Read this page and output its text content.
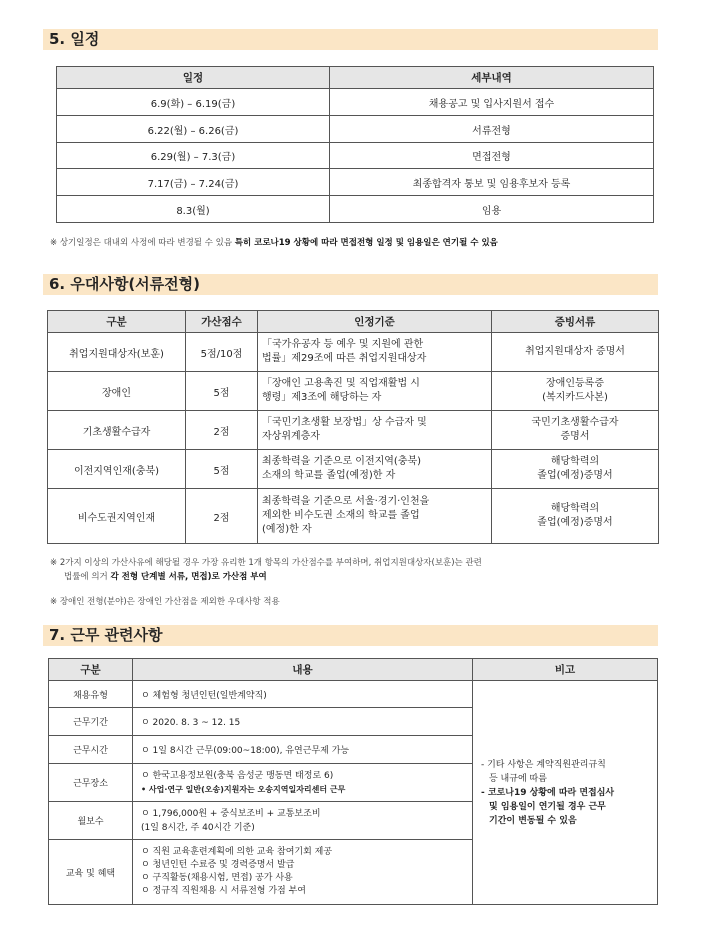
5. 일정
일정	세부내역
6.9(화) – 6.19(금)	채용공고 및 입사지원서 접수
6.22(월) – 6.26(금)	서류전형
6.29(월) – 7.3(금)	면접전형
7.17(금) – 7.24(금)	최종합격자 통보 및 임용후보자 등록
8.3(월)	임용
※ 상기일정은 대내외 사정에 따라 변경될 수 있음 특히 코로나19 상황에 따라 면접전형 일정 및 임용일은 연기될 수 있음
6. 우대사항(서류전형)
구분	가산점수	인정기준	증빙서류
취업지원대상자(보훈)	5점/10점	「국가유공자 등 예우 및 지원에 관한
법률」제29조에 따른 취업지원대상자	취업지원대상자 증명서

장애인	5점	「장애인 고용촉진 및 직업재활법 시
행령」제3조에 해당하는 자	장애인등록증
(복지카드사본)

기초생활수급자	2점	「국민기초생활 보장법」상 수급자 및
자상위계층자	국민기초생활수급자
증명서

이전지역인재(충북)	5점	최종학력을 기준으로 이전지역(충북)
소재의 학교를 졸업(예정)한 자	해당학력의
졸업(예정)증명서

비수도권지역인재	2점	최종학력을 기준으로 서울·경기·인천을
제외한 비수도권 소재의 학교를 졸업
(예정)한 자	해당학력의
졸업(예정)증명서
※ 2가지 이상의 가산사유에 해당될 경우 가장 유리한 1개 항목의 가산점수를 부여하며, 취업지원대상자(보훈)는 관련
법률에 의거 각 전형 단계별 서류, 면접)로 가산점 부여
※ 장애인 전형(분야)은 장애인 가산점을 제외한 우대사항 적용
7. 근무 관련사항
구분	내용	비고
채용유형	ㅇ 체험형 청년인턴(일반계약직)	- 기타 사항은 계약직원관리규칙
등 내규에 따름
- 코로나19 상황에 따라 면접심사
및 임용일이 연기될 경우 근무
기간이 변동될 수 있음

근무기간	ㅇ 2020. 8. 3 ~ 12. 15	
근무시간	ㅇ 1일 8시간 근무(09:00~18:00), 유연근무제 가능	
근무장소	ㅇ 한국고용정보원(충북 음성군 맹동면 태정로 6)
• 사업·연구 일반(오송)지원자는 오송지역일자리센터 근무	

월보수	ㅇ 1,796,000원 + 중식보조비 + 교통보조비
(1일 8시간, 주 40시간 기준)	

교육 및 혜택	ㅇ 직원 교육훈련계획에 의한 교육 참여기회 제공
ㅇ 청년인턴 수료증 및 경력증명서 발급
ㅇ 구직활동(채용시험, 면접) 공가 사용
ㅇ 정규직 직원채용 시 서류전형 가점 부여	
